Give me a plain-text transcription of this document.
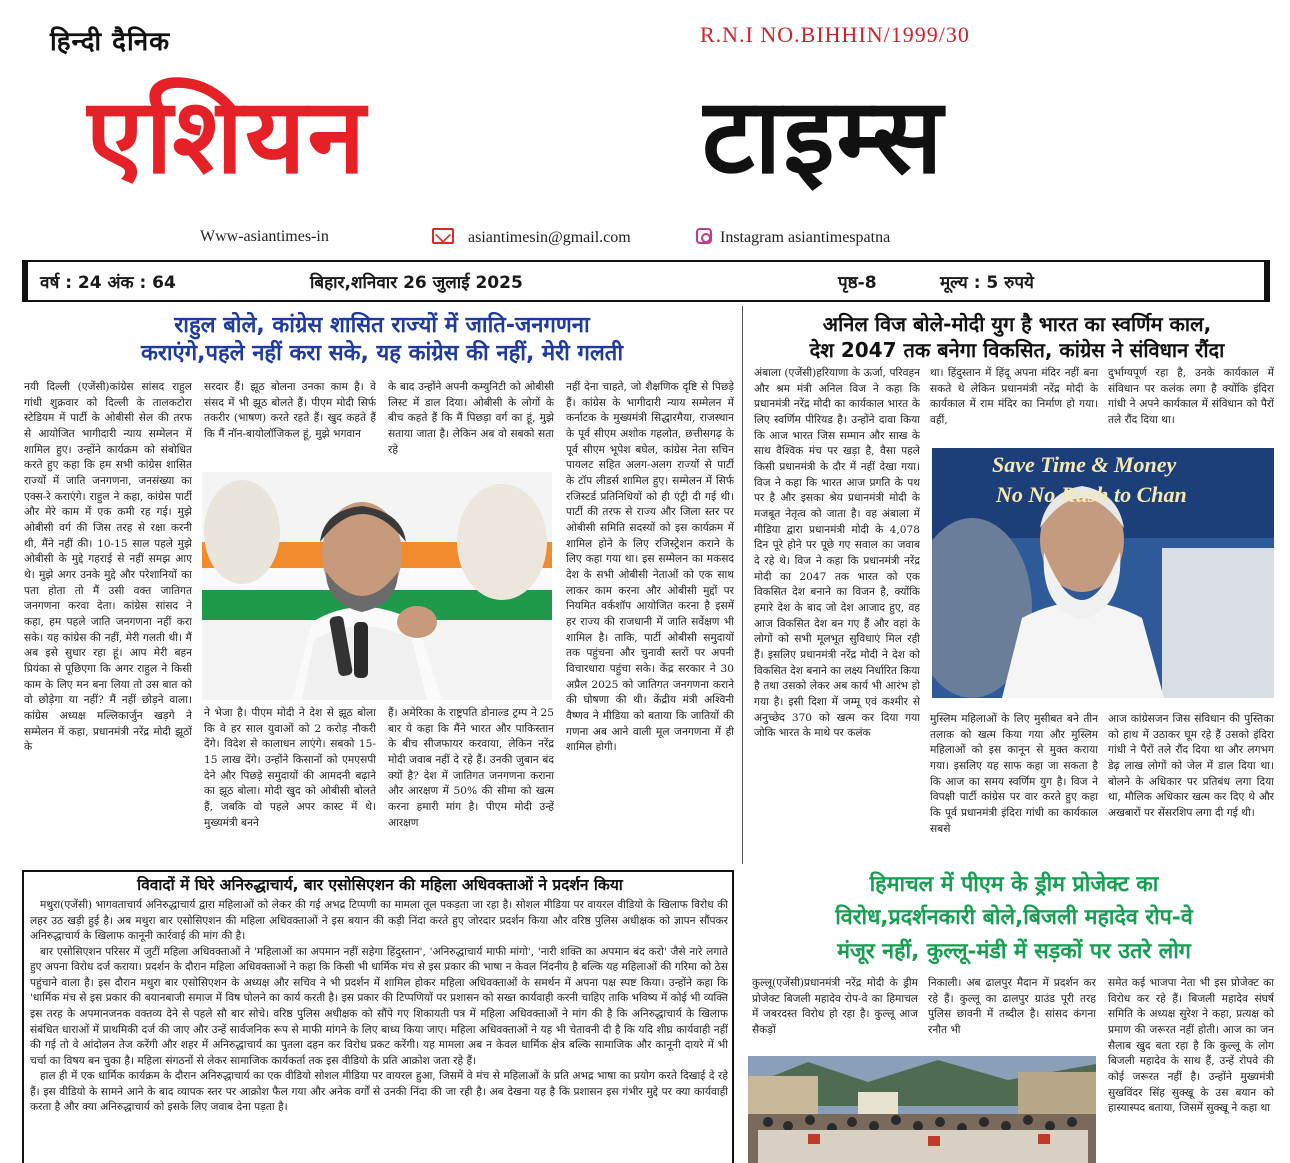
हिन्दी दैनिक	R.N.I NO.BIHHIN/1999/30
एशियन	टाइम्स
Www-asiantimes-in	asiantimesin@gmail.com	Instagram asiantimespatna
वर्ष : 24 अंक : 64	बिहार,शनिवार 26 जुलाई 2025	पृष्ठ-8	मूल्य : 5 रुपये
राहुल बोले, कांग्रेस शासित राज्यों में जाति-जनगणना
कराएंगे,पहले नहीं करा सके, यह कांग्रेस की नहीं, मेरी गलती
नयी दिल्ली (एजेंसी)कांग्रेस सांसद राहुल गांधी शुक्रवार को दिल्ली के तालकटोरा स्टेडियम में पार्टी के ओबीसी सेल की तरफ से आयोजित भागीदारी न्याय सम्मेलन में शामिल हुए। उन्होंने कार्यक्रम को संबोधित करते हुए कहा कि हम सभी कांग्रेस शासित राज्यों में जाति जनगणना, जनसंख्या का एक्स-रे कराएंगे। राहुल ने कहा, कांग्रेस पार्टी और मेरे काम में एक कमी रह गई। मुझे ओबीसी वर्ग की जिस तरह से रक्षा करनी थी, मैंने नहीं की। 10-15 साल पहले मुझे ओबीसी के मुद्दे गहराई से नहीं समझ आए थे। मुझे अगर उनके मुद्दे और परेशानियों का पता होता तो मैं उसी वक्त जातिगत जनगणना करवा देता। कांग्रेस सांसद ने कहा, हम पहले जाति जनगणना नहीं करा सके। यह कांग्रेस की नहीं, मेरी गलती थी। मैं अब इसे सुधार रहा हूं। आप मेरी बहन प्रियंका से पूछिएगा कि अगर राहुल ने किसी काम के लिए मन बना लिया तो उस बात को वो छोड़ेगा या नहीं? मैं नहीं छोड़ने वाला। कांग्रेस अध्यक्ष मल्लिकार्जुन खड़गे ने सम्मेलन में कहा, प्रधानमंत्री नरेंद्र मोदी झूठों के
सरदार हैं। झूठ बोलना उनका काम है। वे संसद में भी झूठ बोलते हैं। पीएम मोदी सिर्फ तकरीर (भाषण) करते रहते हैं। खुद कहते हैं कि मैं नॉन-बायोलॉजिकल हूं, मुझे भगवान
के बाद उन्होंने अपनी कम्युनिटी को ओबीसी लिस्ट में डाल दिया। ओबीसी के लोगों के बीच कहते हैं कि मैं पिछड़ा वर्ग का हूं, मुझे सताया जाता है। लेकिन अब वो सबको सता रहे
नहीं देना चाहते, जो शैक्षणिक दृष्टि से पिछड़े हैं। कांग्रेस के भागीदारी न्याय सम्मेलन में कर्नाटक के मुख्यमंत्री सिद्धारमैया, राजस्थान के पूर्व सीएम अशोक गहलोत, छत्तीसगढ़ के पूर्व सीएम भूपेश बघेल, कांग्रेस नेता सचिन पायलट सहित अलग-अलग राज्यों से पार्टी के टॉप लीडर्स शामिल हुए। सम्मेलन में सिर्फ रजिस्टर्ड प्रतिनिधियों को ही एंट्री दी गई थी। पार्टी की तरफ से राज्य और जिला स्तर पर ओबीसी समिति सदस्यों को इस कार्यक्रम में शामिल होने के लिए रजिस्ट्रेशन कराने के लिए कहा गया था। इस सम्मेलन का मकसद देश के सभी ओबीसी नेताओं को एक साथ लाकर काम करना और ओबीसी मुद्दों पर नियमित वर्कशॉप आयोजित करना है इसमें हर राज्य की राजधानी में जाति सर्वेक्षण भी शामिल है। ताकि, पार्टी ओबीसी समुदायों तक पहुंचना और चुनावी स्तरों पर अपनी विचारधारा पहुंचा सके। केंद्र सरकार ने 30 अप्रैल 2025 को जातिगत जनगणना कराने की घोषणा की थी। केंद्रीय मंत्री अश्विनी वैष्णव ने मीडिया को बताया कि जातियों की गणना अब आने वाली मूल जनगणना में ही शामिल होगी।
ने भेजा है। पीएम मोदी ने देश से झूठ बोला कि वे हर साल युवाओं को 2 करोड़ नौकरी देंगे। विदेश से कालाधन लाएंगे। सबको 15-15 लाख देंगे। उन्होंने किसानों को एमएसपी देने और पिछड़े समुदायों की आमदनी बढ़ाने का झूठ बोला। मोदी खुद को ओबीसी बोलते हैं, जबकि वो पहले अपर कास्ट में थे। मुख्यमंत्री बनने
हैं। अमेरिका के राष्ट्रपति डोनाल्ड ट्रम्प ने 25 बार ये कहा कि मैंने भारत और पाकिस्तान के बीच सीजफायर करवाया, लेकिन नरेंद्र मोदी जवाब नहीं दे रहे हैं। उनकी जुबान बंद क्यों है? देश में जातिगत जनगणना कराना और आरक्षण में 50% की सीमा को खत्म करना हमारी मांग है। पीएम मोदी उन्हें आरक्षण
अनिल विज बोले-मोदी युग है भारत का स्वर्णिम काल,
देश 2047 तक बनेगा विकसित, कांग्रेस ने संविधान रौंदा
अंबाला (एजेंसी)हरियाणा के ऊर्जा, परिवहन और श्रम मंत्री अनिल विज ने कहा कि प्रधानमंत्री नरेंद्र मोदी का कार्यकाल भारत के लिए स्वर्णिम पीरियड है। उन्होंने दावा किया कि आज भारत जिस सम्मान और साख के साथ वैश्विक मंच पर खड़ा है, वैसा पहले किसी प्रधानमंत्री के दौर में नहीं देखा गया। विज ने कहा कि भारत आज प्रगति के पथ पर है और इसका श्रेय प्रधानमंत्री मोदी के मजबूत नेतृत्व को जाता है। वह अंबाला में मीडिया द्वारा प्रधानमंत्री मोदी के 4,078 दिन पूरे होने पर पूछे गए सवाल का जवाब दे रहे थे। विज ने कहा कि प्रधानमंत्री नरेंद्र मोदी का 2047 तक भारत को एक विकसित देश बनाने का विजन है, क्योंकि हमारे देश के बाद जो देश आजाद हुए, वह आज विकसित देश बन गए हैं और वहां के लोगों को सभी मूलभूत सुविधाएं मिल रही हैं। इसलिए प्रधानमंत्री नरेंद्र मोदी ने देश को विकसित देश बनाने का लक्ष्य निर्धारित किया है तथा उसको लेकर अब कार्य भी आरंभ हो गया है। इसी दिशा में जम्मू एवं कश्मीर से अनुच्छेद 370 को खत्म कर दिया गया जोकि भारत के माथे पर कलंक
था। हिंदुस्तान में हिंदू अपना मंदिर नहीं बना सकते थे लेकिन प्रधानमंत्री नरेंद्र मोदी के कार्यकाल में राम मंदिर का निर्माण हो गया। वहीं,
दुर्भाग्यपूर्ण रहा है, उनके कार्यकाल में संविधान पर कलंक लगा है क्योंकि इंदिरा गांधी ने अपने कार्यकाल में संविधान को पैरों तले रौंद दिया था।
Save Time & Money
No No Rush to Chan
मुस्लिम महिलाओं के लिए मुसीबत बने तीन तलाक को खत्म किया गया और मुस्लिम महिलाओं को इस कानून से मुक्त कराया गया। इसलिए यह साफ कहा जा सकता है कि आज का समय स्वर्णिम युग है। विज ने विपक्षी पार्टी कांग्रेस पर वार करते हुए कहा कि पूर्व प्रधानमंत्री इंदिरा गांधी का कार्यकाल सबसे
आज कांग्रेसजन जिस संविधान की पुस्तिका को हाथ में उठाकर घूम रहे हैं उसको इंदिरा गांधी ने पैरों तले रौंद दिया था और लगभग डेढ़ लाख लोगों को जेल में डाल दिया था। बोलने के अधिकार पर प्रतिबंध लगा दिया था, मौलिक अधिकार खत्म कर दिए थे और अखबारों पर सेंसरशिप लगा दी गई थी।
विवादों में घिरे अनिरुद्धाचार्य, बार एसोसिएशन की महिला अधिवक्ताओं ने प्रदर्शन किया

मथुरा(एजेंसी) भागवताचार्य अनिरुद्धाचार्य द्वारा महिलाओं को लेकर की गई अभद्र टिप्पणी का मामला तूल पकड़ता जा रहा है। सोशल मीडिया पर वायरल वीडियो के खिलाफ विरोध की लहर उठ खड़ी हुई है। अब मथुरा बार एसोसिएशन की महिला अधिवक्ताओं ने इस बयान की कड़ी निंदा करते हुए जोरदार प्रदर्शन किया और वरिष्ठ पुलिस अधीक्षक को ज्ञापन सौंपकर अनिरुद्धाचार्य के खिलाफ कानूनी कार्रवाई की मांग की है।

बार एसोसिएशन परिसर में जुटीं महिला अधिवक्ताओं ने 'महिलाओं का अपमान नहीं सहेगा हिंदुस्तान', 'अनिरुद्धाचार्य माफी मांगो', 'नारी शक्ति का अपमान बंद करो' जैसे नारे लगाते हुए अपना विरोध दर्ज कराया। प्रदर्शन के दौरान महिला अधिवक्ताओं ने कहा कि किसी भी धार्मिक मंच से इस प्रकार की भाषा न केवल निंदनीय है बल्कि यह महिलाओं की गरिमा को ठेस पहुंचाने वाला है। इस दौरान मथुरा बार एसोसिएशन के अध्यक्ष और सचिव ने भी प्रदर्शन में शामिल होकर महिला अधिवक्ताओं के समर्थन में अपना पक्ष स्पष्ट किया। उन्होंने कहा कि 'धार्मिक मंच से इस प्रकार की बयानबाजी समाज में विष घोलने का कार्य करती है। इस प्रकार की टिप्पणियों पर प्रशासन को सख्त कार्यवाही करनी चाहिए ताकि भविष्य में कोई भी व्यक्ति इस तरह के अपमानजनक वक्तव्य देने से पहले सौ बार सोचे। वरिष्ठ पुलिस अधीक्षक को सौंपे गए शिकायती पत्र में महिला अधिवक्ताओं ने मांग की है कि अनिरुद्धाचार्य के खिलाफ संबंधित धाराओं में प्राथमिकी दर्ज की जाए और उन्हें सार्वजनिक रूप से माफी मांगने के लिए बाध्य किया जाए। महिला अधिवक्ताओं ने यह भी चेतावनी दी है कि यदि शीघ्र कार्यवाही नहीं की गई तो वे आंदोलन तेज करेंगी और शहर में अनिरुद्धाचार्य का पुतला दहन कर विरोध प्रकट करेंगी। यह मामला अब न केवल धार्मिक क्षेत्र बल्कि सामाजिक और कानूनी दायरे में भी चर्चा का विषय बन चुका है। महिला संगठनों से लेकर सामाजिक कार्यकर्ता तक इस वीडियो के प्रति आक्रोश जता रहे हैं।

हाल ही में एक धार्मिक कार्यक्रम के दौरान अनिरुद्धाचार्य का एक वीडियो सोशल मीडिया पर वायरल हुआ, जिसमें वे मंच से महिलाओं के प्रति अभद्र भाषा का प्रयोग करते दिखाई दे रहे हैं। इस वीडियो के सामने आने के बाद व्यापक स्तर पर आक्रोश फैल गया और अनेक वर्गों से उनकी निंदा की जा रही है। अब देखना यह है कि प्रशासन इस गंभीर मुद्दे पर क्या कार्यवाही करता है और क्या अनिरुद्धाचार्य को इसके लिए जवाब देना पड़ता है।

हिमाचल में पीएम के ड्रीम प्रोजेक्ट का
विरोध,प्रदर्शनकारी बोले,बिजली महादेव रोप-वे
मंजूर नहीं, कुल्लू-मंडी में सड़कों पर उतरे लोग
कुल्लू(एजेंसी)प्रधानमंत्री नरेंद्र मोदी के ड्रीम प्रोजेक्ट बिजली महादेव रोप-वे का हिमाचल में जबरदस्त विरोध हो रहा है। कुल्लू आज सैकड़ों
निकाली। अब ढालपुर मैदान में प्रदर्शन कर रहे हैं। कुल्लू का ढालपुर ग्राउंड पूरी तरह पुलिस छावनी में तब्दील है। सांसद कंगना रनौत भी
समेत कई भाजपा नेता भी इस प्रोजेक्ट का विरोध कर रहे हैं। बिजली महादेव संघर्ष समिति के अध्यक्ष सुरेश ने कहा, प्रत्यक्ष को प्रमाण की जरूरत नहीं होती। आज का जन सैलाब खुद बता रहा है कि कुल्लू के लोग बिजली महादेव के साथ हैं, उन्हें रोपवे की कोई जरूरत नहीं है। उन्होंने मुख्यमंत्री सुखविंदर सिंह सुक्खू के उस बयान को हास्यास्पद बताया, जिसमें सुक्खू ने कहा था
